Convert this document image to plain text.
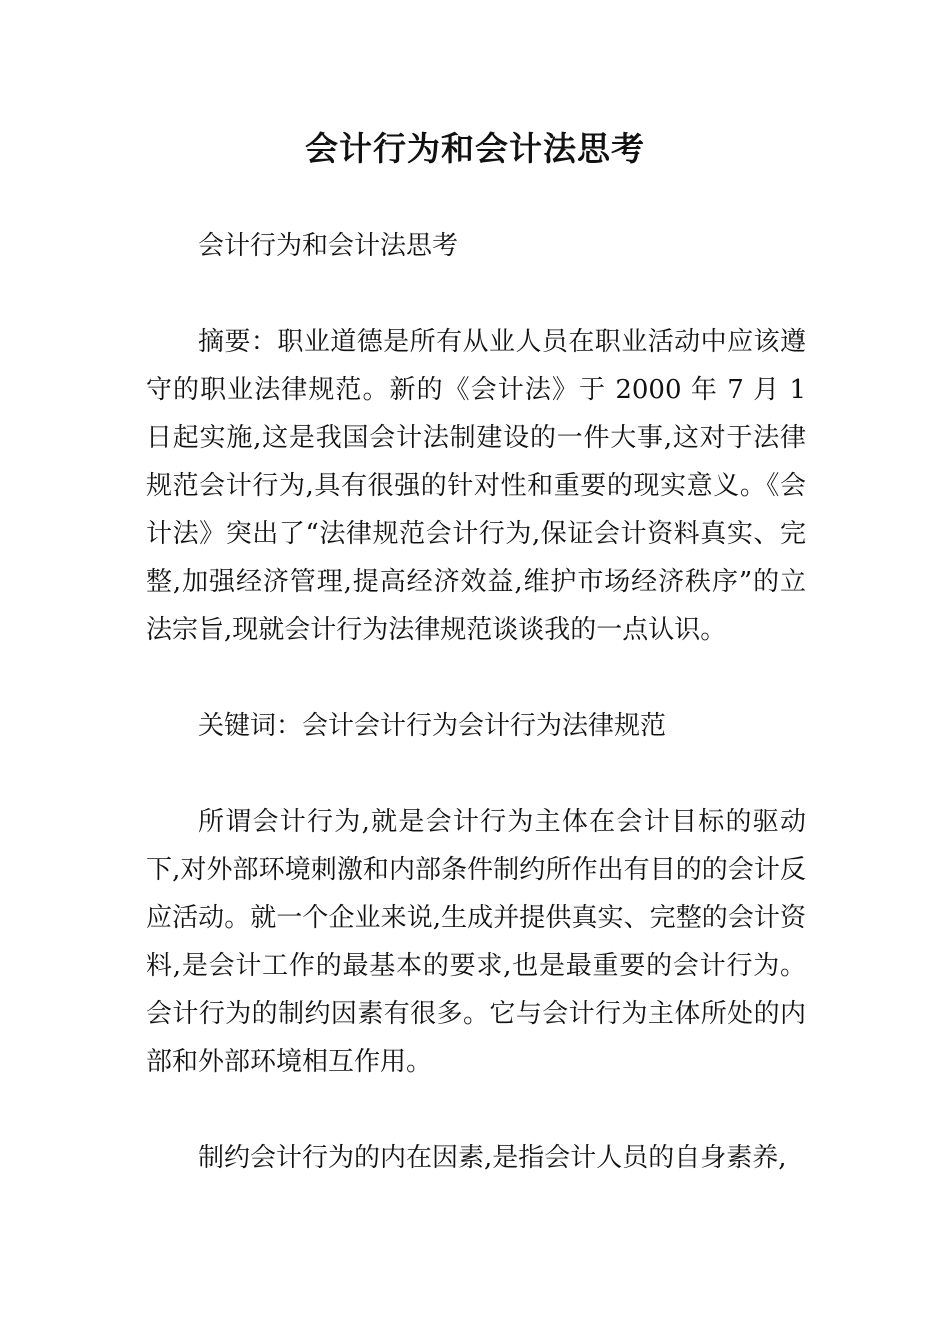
会计行为和会计法思考

会计行为和会计法思考

摘要：职业道德是所有从业人员在职业活动中应该遵守的职业法律规范。新的《会计法》于 2000 年 7 月 1 日起实施,这是我国会计法制建设的一件大事,这对于法律规范会计行为,具有很强的针对性和重要的现实意义。《会计法》突出了“法律规范会计行为,保证会计资料真实、完整,加强经济管理,提高经济效益,维护市场经济秩序”的立法宗旨,现就会计行为法律规范谈谈我的一点认识。

关键词：会计会计行为会计行为法律规范

所谓会计行为,就是会计行为主体在会计目标的驱动下,对外部环境刺激和内部条件制约所作出有目的的会计反应活动。就一个企业来说,生成并提供真实、完整的会计资料,是会计工作的最基本的要求,也是最重要的会计行为。会计行为的制约因素有很多。它与会计行为主体所处的内部和外部环境相互作用。

制约会计行为的内在因素,是指会计人员的自身素养,
